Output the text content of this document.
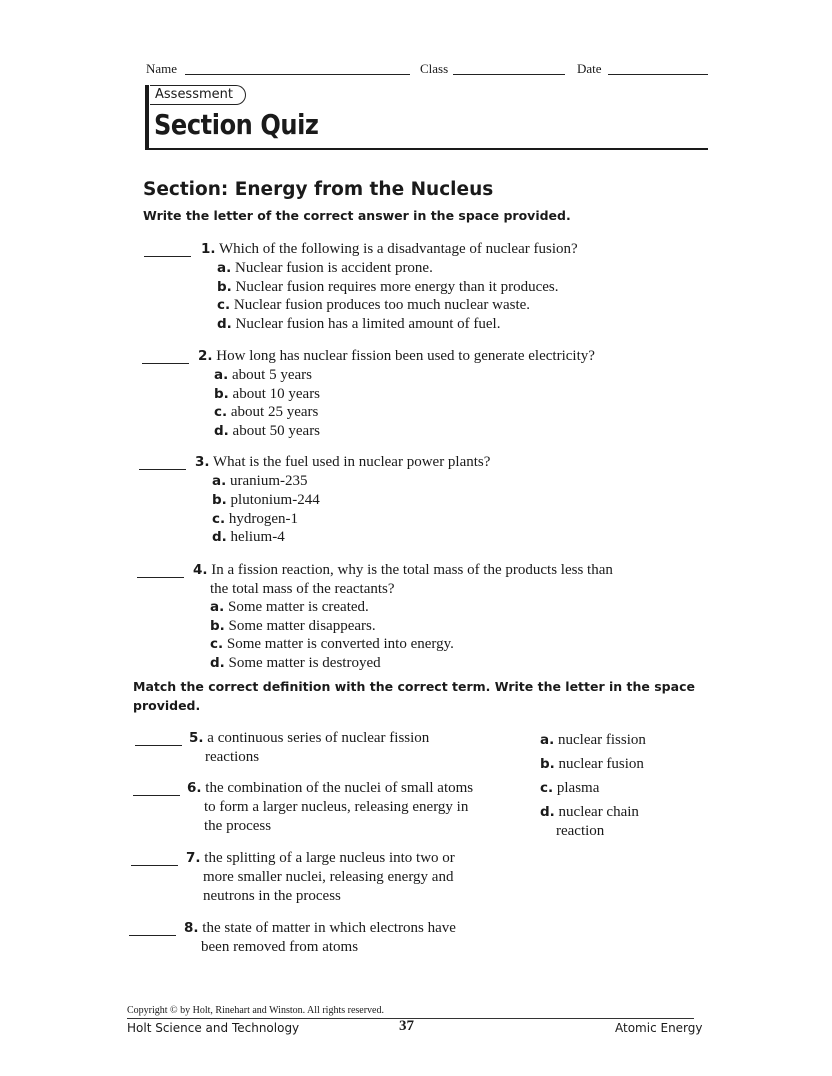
Name	Class	Date
Assessment
Section Quiz
Section: Energy from the Nucleus
Write the letter of the correct answer in the space provided.
1. Which of the following is a disadvantage of nuclear fusion?
a. Nuclear fusion is accident prone.
b. Nuclear fusion requires more energy than it produces.
c. Nuclear fusion produces too much nuclear waste.
d. Nuclear fusion has a limited amount of fuel.
2. How long has nuclear fission been used to generate electricity?
a. about 5 years
b. about 10 years
c. about 25 years
d. about 50 years
3. What is the fuel used in nuclear power plants?
a. uranium-235
b. plutonium-244
c. hydrogen-1
d. helium-4
4. In a fission reaction, why is the total mass of the products less than
the total mass of the reactants?
a. Some matter is created.
b. Some matter disappears.
c. Some matter is converted into energy.
d. Some matter is destroyed
Match the correct definition with the correct term. Write the letter in the space
provided.
5. a continuous series of nuclear fission
reactions
6. the combination of the nuclei of small atoms
to form a larger nucleus, releasing energy in
the process
7. the splitting of a large nucleus into two or
more smaller nuclei, releasing energy and
neutrons in the process
8. the state of matter in which electrons have
been removed from atoms
a. nuclear fission
b. nuclear fusion
c. plasma
d. nuclear chain
reaction
Copyright © by Holt, Rinehart and Winston. All rights reserved.
Holt Science and Technology	37	Atomic Energy
